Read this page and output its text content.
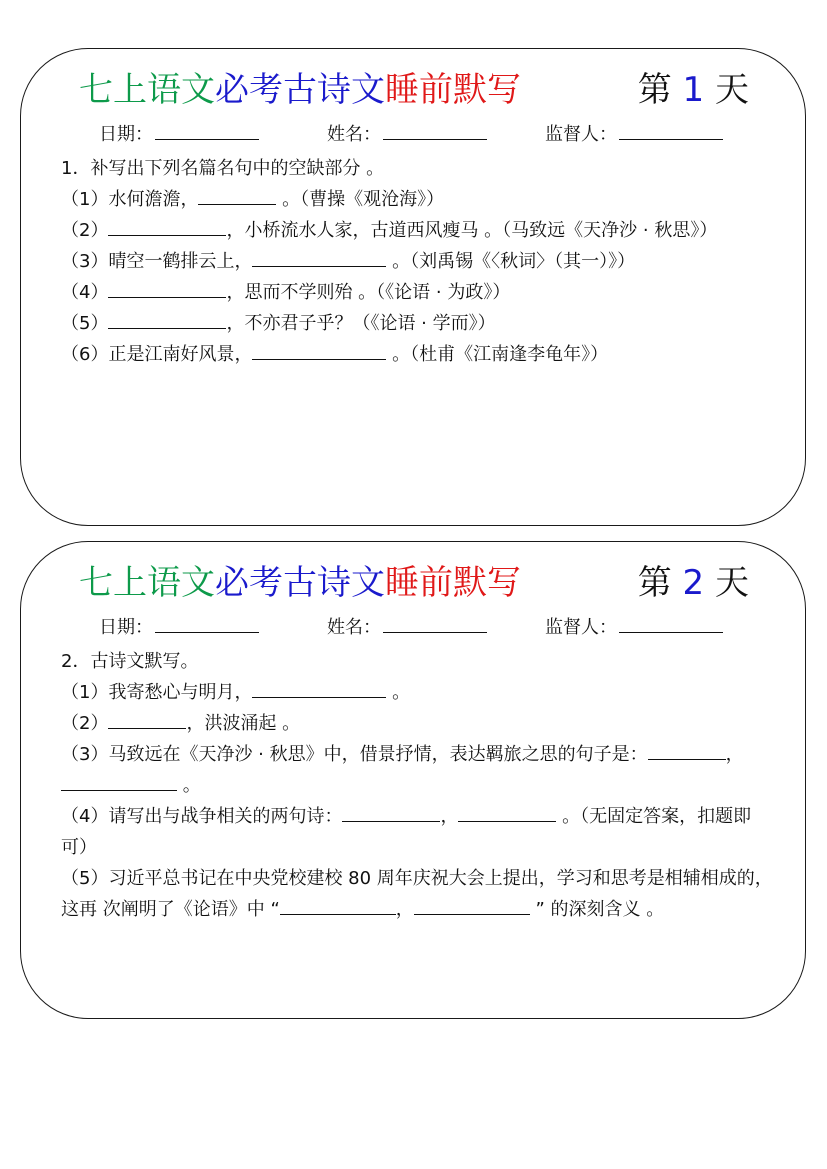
七上语文必考古诗文睡前默写	第 1 天
日期：	姓名：	监督人：

1．补写出下列名篇名句中的空缺部分 。

（1）水何澹澹，	。（曹操《观沧海》）

（2）	，小桥流水人家，古道西风瘦马 。（马致远《天净沙 · 秋思》）

（3）晴空一鹤排云上，	。（刘禹锡《〈秋词〉（其一）》）

（4）	，思而不学则殆 。（《论语 · 为政》）

（5）	，不亦君子乎？（《论语 · 学而》）

（6）正是江南好风景，	。（杜甫《江南逢李龟年》）

七上语文必考古诗文睡前默写	第 2 天
日期：	姓名：	监督人：

2．古诗文默写。

（1）我寄愁心与明月，	。

（2）	，洪波涌起 。

（3）马致远在《天净沙 · 秋思》中，借景抒情，表达羁旅之思的句子是：	， 。

（4）请写出与战争相关的两句诗：	，	。（无固定答案，扣题即可）

（5）习近平总书记在中央党校建校 80 周年庆祝大会上提出，学习和思考是相辅相成的，这再 次阐明了《论语》中 “	，	” 的深刻含义 。
